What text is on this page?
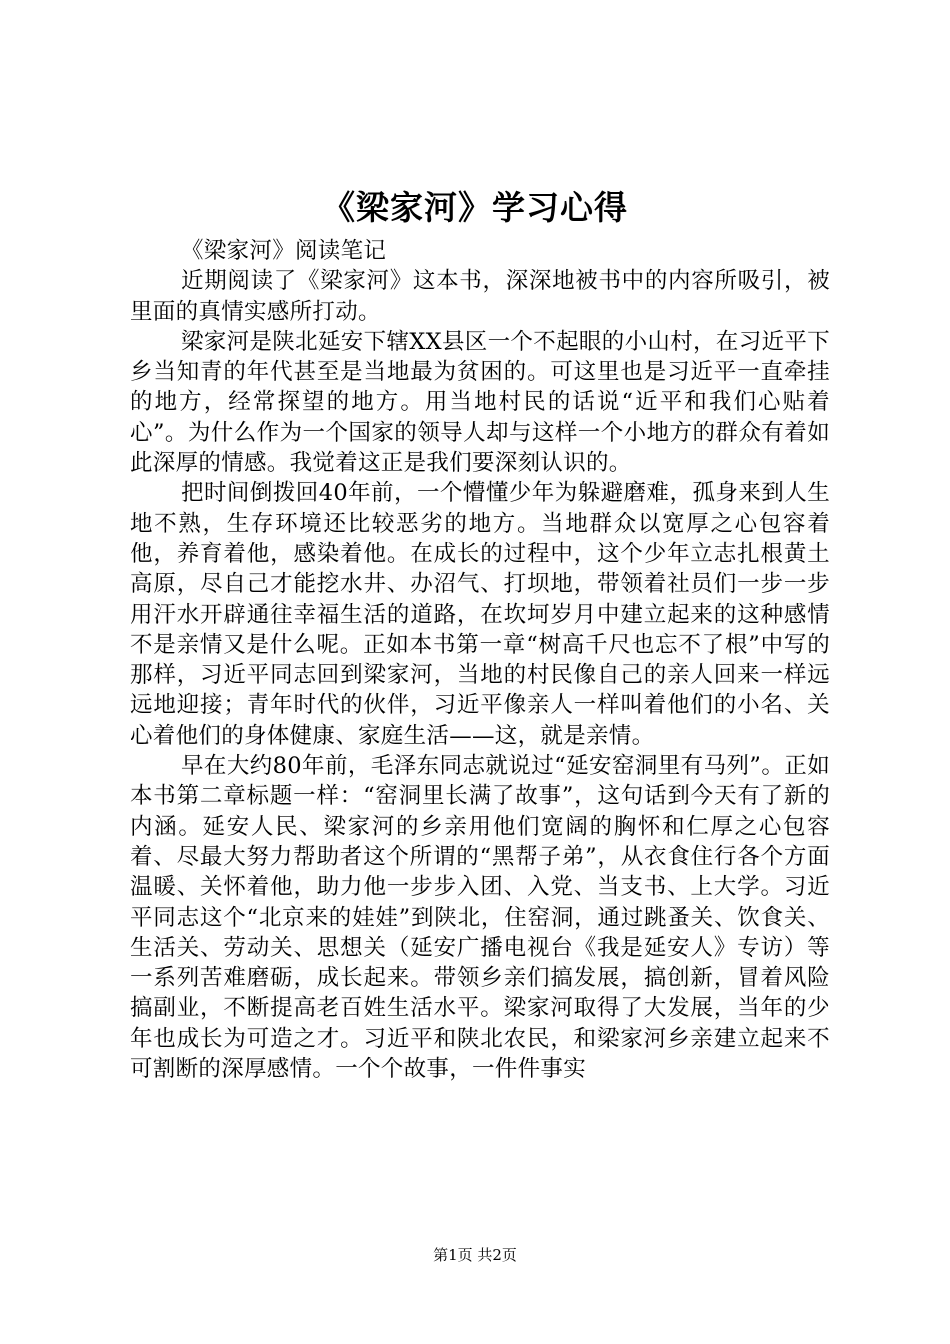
《梁家河》学习心得

《梁家河》阅读笔记

近期阅读了《梁家河》这本书，深深地被书中的内容所吸引，被里面的真情实感所打动。

梁家河是陕北延安下辖XX县区一个不起眼的小山村，在习近平下乡当知青的年代甚至是当地最为贫困的。可这里也是习近平一直牵挂的地方，经常探望的地方。用当地村民的话说“近平和我们心贴着心”。为什么作为一个国家的领导人却与这样一个小地方的群众有着如此深厚的情感。我觉着这正是我们要深刻认识的。

把时间倒拨回40年前，一个懵懂少年为躲避磨难，孤身来到人生地不熟，生存环境还比较恶劣的地方。当地群众以宽厚之心包容着他，养育着他，感染着他。在成长的过程中，这个少年立志扎根黄土高原，尽自己才能挖水井、办沼气、打坝地，带领着社员们一步一步用汗水开辟通往幸福生活的道路，在坎坷岁月中建立起来的这种感情不是亲情又是什么呢。正如本书第一章“树高千尺也忘不了根”中写的那样，习近平同志回到梁家河，当地的村民像自己的亲人回来一样远远地迎接；青年时代的伙伴，习近平像亲人一样叫着他们的小名、关心着他们的身体健康、家庭生活——这，就是亲情。

早在大约80年前，毛泽东同志就说过“延安窑洞里有马列”。正如本书第二章标题一样：“窑洞里长满了故事”，这句话到今天有了新的内涵。延安人民、梁家河的乡亲用他们宽阔的胸怀和仁厚之心包容着、尽最大努力帮助者这个所谓的“黑帮子弟”，从衣食住行各个方面温暖、关怀着他，助力他一步步入团、入党、当支书、上大学。习近平同志这个“北京来的娃娃”到陕北，住窑洞，通过跳蚤关、饮食关、生活关、劳动关、思想关（延安广播电视台《我是延安人》专访）等一系列苦难磨砺，成长起来。带领乡亲们搞发展，搞创新，冒着风险搞副业，不断提高老百姓生活水平。梁家河取得了大发展，当年的少年也成长为可造之才。习近平和陕北农民，和梁家河乡亲建立起来不可割断的深厚感情。一个个故事，一件件事实

第1页 共2页
